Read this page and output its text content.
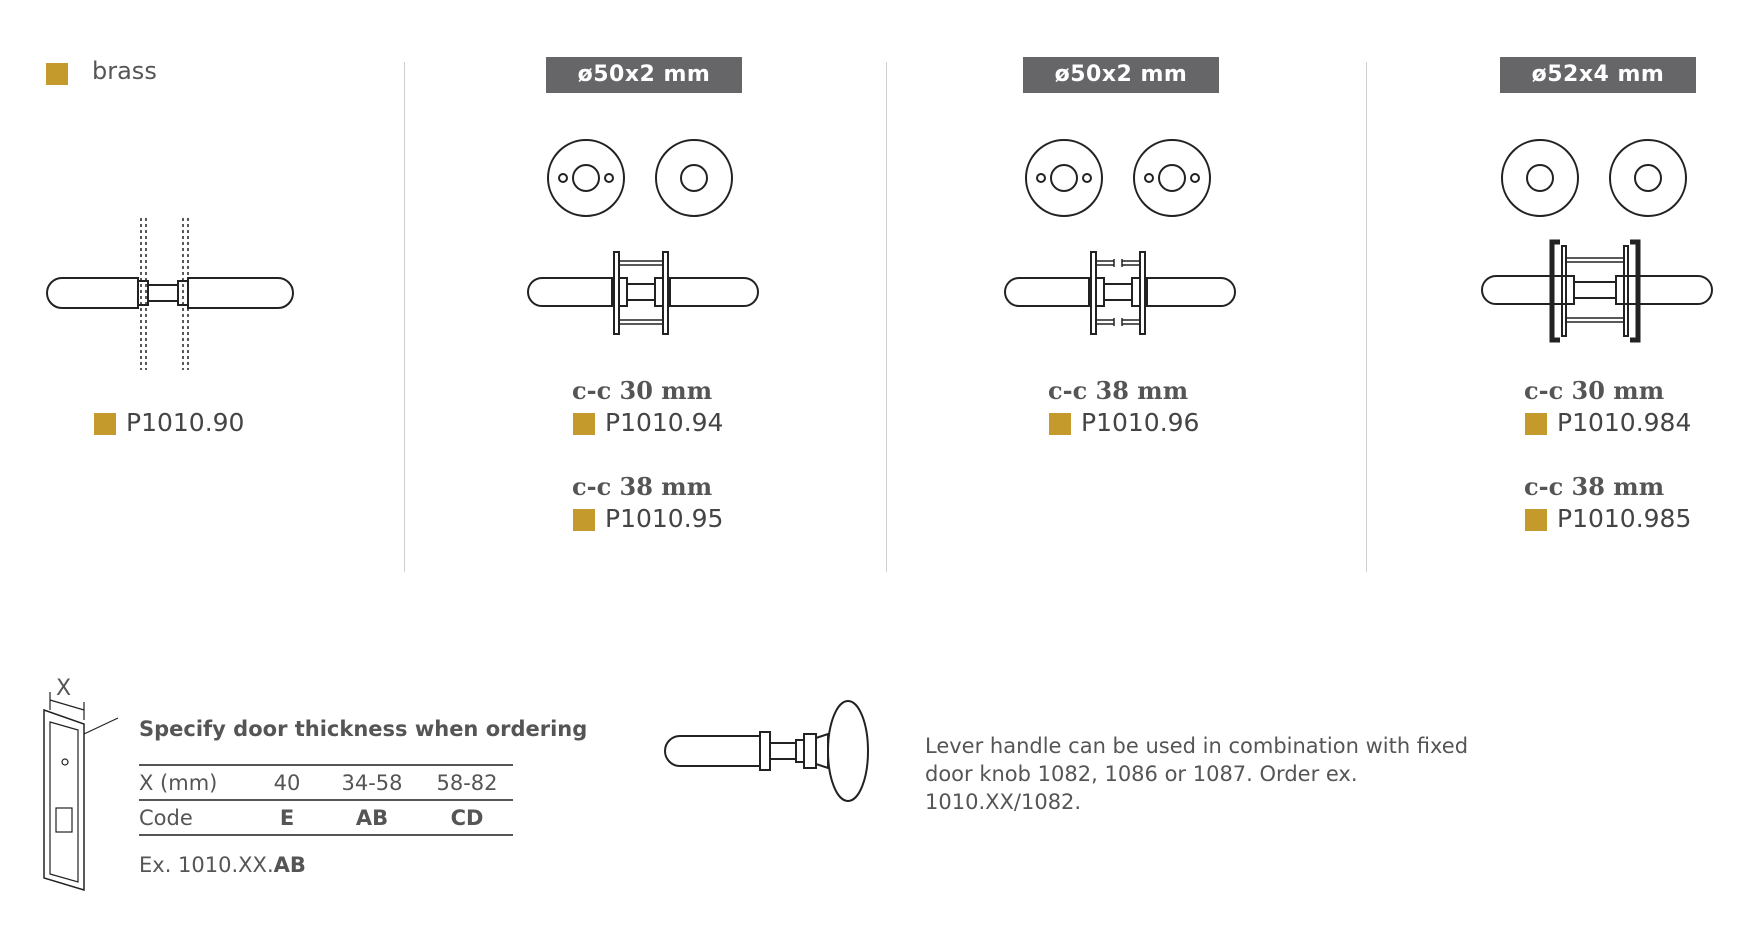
brass
P1010.90
ø50x2 mm
c-c 30 mm
P1010.94
c-c 38 mm
P1010.95
ø50x2 mm
c-c 38 mm
P1010.96
ø52x4 mm
c-c 30 mm
P1010.984
c-c 38 mm
P1010.985
X
Specify door thickness when ordering
X (mm)	40	34-58	58-82
Code	E	AB	CD
Ex. 1010.XX.AB
Lever handle can be used in combination with fixed door knob 1082, 1086 or 1087. Order ex. 1010.XX/1082.
